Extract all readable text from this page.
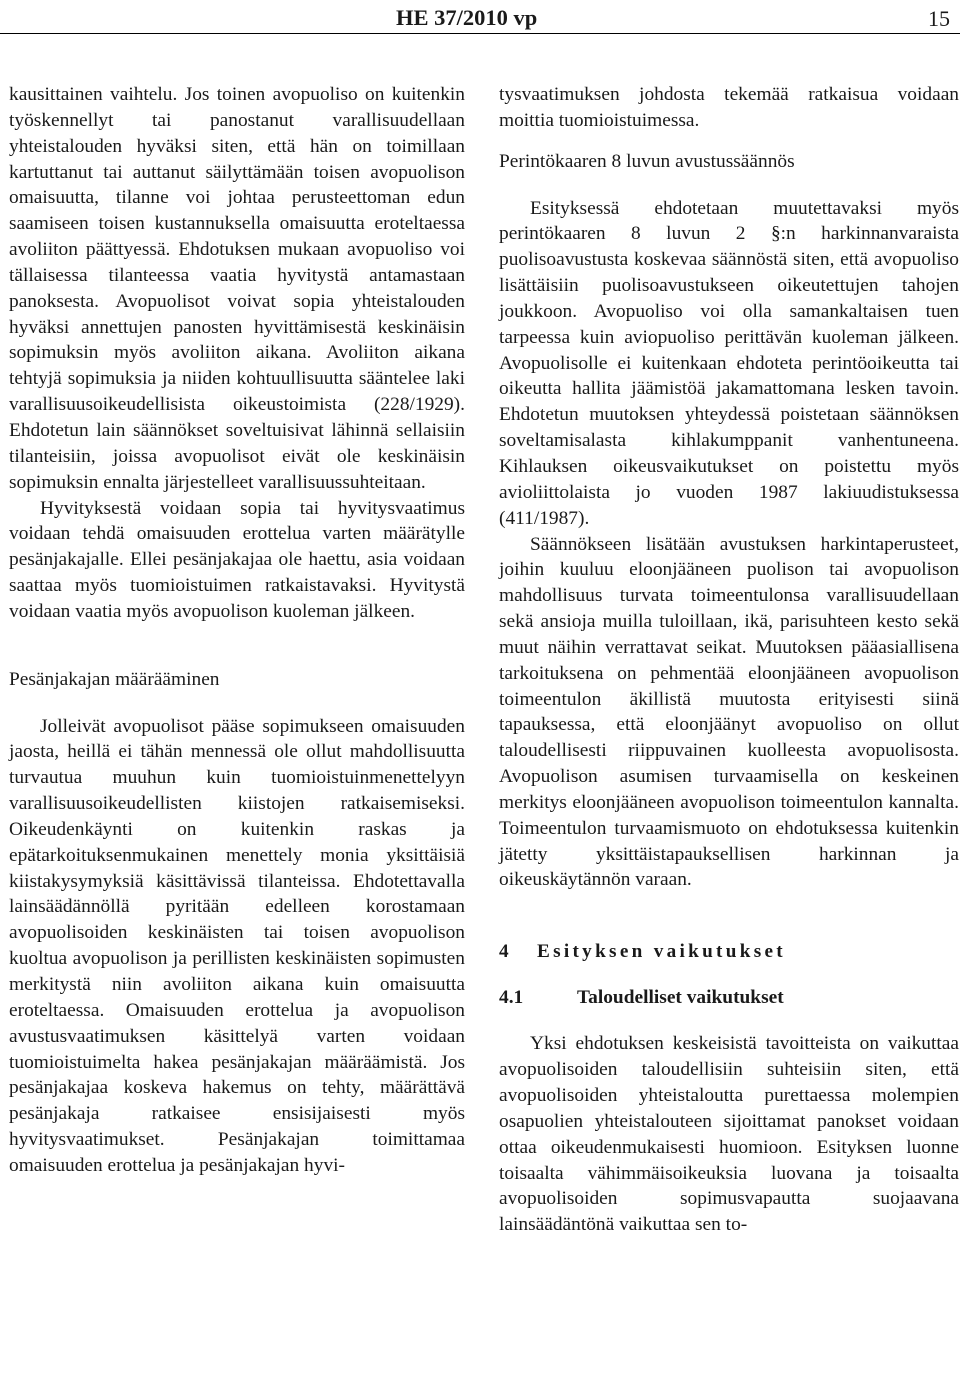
HE 37/2010 vp	15

kausittainen vaihtelu. Jos toinen avopuoliso on kuitenkin työskennellyt tai panostanut varallisuudellaan yhteistalouden hyväksi siten, että hän on toimillaan kartuttanut tai auttanut säilyttämään toisen avopuolison omaisuutta, tilanne voi johtaa perusteettoman edun saamiseen toisen kustannuksella omaisuutta eroteltaessa avoliiton päättyessä. Ehdotuksen mukaan avopuoliso voi tällaisessa tilanteessa vaatia hyvitystä antamastaan panoksesta. Avopuolisot voivat sopia yhteistalouden hyväksi annettujen panosten hyvittämisestä keskinäisin sopimuksin myös avoliiton aikana. Avoliiton aikana tehtyjä sopimuksia ja niiden kohtuullisuutta sääntelee laki varallisuusoikeudellisista oikeustoimista (228/1929). Ehdotetun lain säännökset soveltuisivat lähinnä sellaisiin tilanteisiin, joissa avopuolisot eivät ole keskinäisin sopimuksin ennalta järjestelleet varallisuussuhteitaan.

Hyvityksestä voidaan sopia tai hyvitysvaatimus voidaan tehdä omaisuuden erottelua varten määrätylle pesänjakajalle. Ellei pesänjakajaa ole haettu, asia voidaan saattaa myös tuomioistuimen ratkaistavaksi. Hyvitystä voidaan vaatia myös avopuolison kuoleman jälkeen.

Pesänjakajan määrääminen

Jolleivät avopuolisot pääse sopimukseen omaisuuden jaosta, heillä ei tähän mennessä ole ollut mahdollisuutta turvautua muuhun kuin tuomioistuinmenettelyyn varallisuusoikeudellisten kiistojen ratkaisemiseksi. Oikeudenkäynti on kuitenkin raskas ja epätarkoituksenmukainen menettely monia yksittäisiä kiistakysymyksiä käsittävissä tilanteissa. Ehdotettavalla lainsäädännöllä pyritään edelleen korostamaan avopuolisoiden keskinäisten tai toisen avopuolison kuoltua avopuolison ja perillisten keskinäisten sopimusten merkitystä niin avoliiton aikana kuin omaisuutta eroteltaessa. Omaisuuden erottelua ja avopuolison avustusvaatimuksen käsittelyä varten voidaan tuomioistuimelta hakea pesänjakajan määräämistä. Jos pesänjakajaa koskeva hakemus on tehty, määrättävä pesänjakaja ratkaisee ensisijaisesti myös hyvitysvaatimukset. Pesänjakajan toimittamaa omaisuuden erottelua ja pesänjakajan hyvi-

tysvaatimuksen johdosta tekemää ratkaisua voidaan moittia tuomioistuimessa.

Perintökaaren 8 luvun avustussäännös

Esityksessä ehdotetaan muutettavaksi myös perintökaaren 8 luvun 2 §:n harkinnanvaraista puolisoavustusta koskevaa säännöstä siten, että avopuoliso lisättäisiin puolisoavustukseen oikeutettujen tahojen joukkoon. Avopuoliso voi olla samankaltaisen tuen tarpeessa kuin aviopuoliso perittävän kuoleman jälkeen. Avopuolisolle ei kuitenkaan ehdoteta perintöoikeutta tai oikeutta hallita jäämistöä jakamattomana lesken tavoin. Ehdotetun muutoksen yhteydessä poistetaan säännöksen soveltamisalasta kihlakumppanit vanhentuneena. Kihlauksen oikeusvaikutukset on poistettu myös avioliittolaista jo vuoden 1987 lakiuudistuksessa (411/1987).

Säännökseen lisätään avustuksen harkintaperusteet, joihin kuuluu eloonjääneen puolison tai avopuolison mahdollisuus turvata toimeentulonsa varallisuudellaan sekä ansioja muilla tuloillaan, ikä, parisuhteen kesto sekä muut näihin verrattavat seikat. Muutoksen pääasiallisena tarkoituksena on pehmentää eloonjääneen avopuolison toimeentulon äkillistä muutosta erityisesti siinä tapauksessa, että eloonjäänyt avopuoliso on ollut taloudellisesti riippuvainen kuolleesta avopuolisosta. Avopuolison asumisen turvaamisella on keskeinen merkitys eloonjääneen avopuolison toimeentulon kannalta. Toimeentulon turvaamismuoto on ehdotuksessa kuitenkin jätetty yksittäistapauksellisen harkinnan ja oikeuskäytännön varaan.

4 Esityksen vaikutukset
4.1	Taloudelliset vaikutukset

Yksi ehdotuksen keskeisistä tavoitteista on vaikuttaa avopuolisoiden taloudellisiin suhteisiin siten, että avopuolisoiden yhteistaloutta purettaessa molempien osapuolien yhteistalouteen sijoittamat panokset voidaan ottaa oikeudenmukaisesti huomioon. Esityksen luonne toisaalta vähimmäisoikeuksia luovana ja toisaalta avopuolisoiden sopimusvapautta suojaavana lainsäädäntönä vaikuttaa sen to-
